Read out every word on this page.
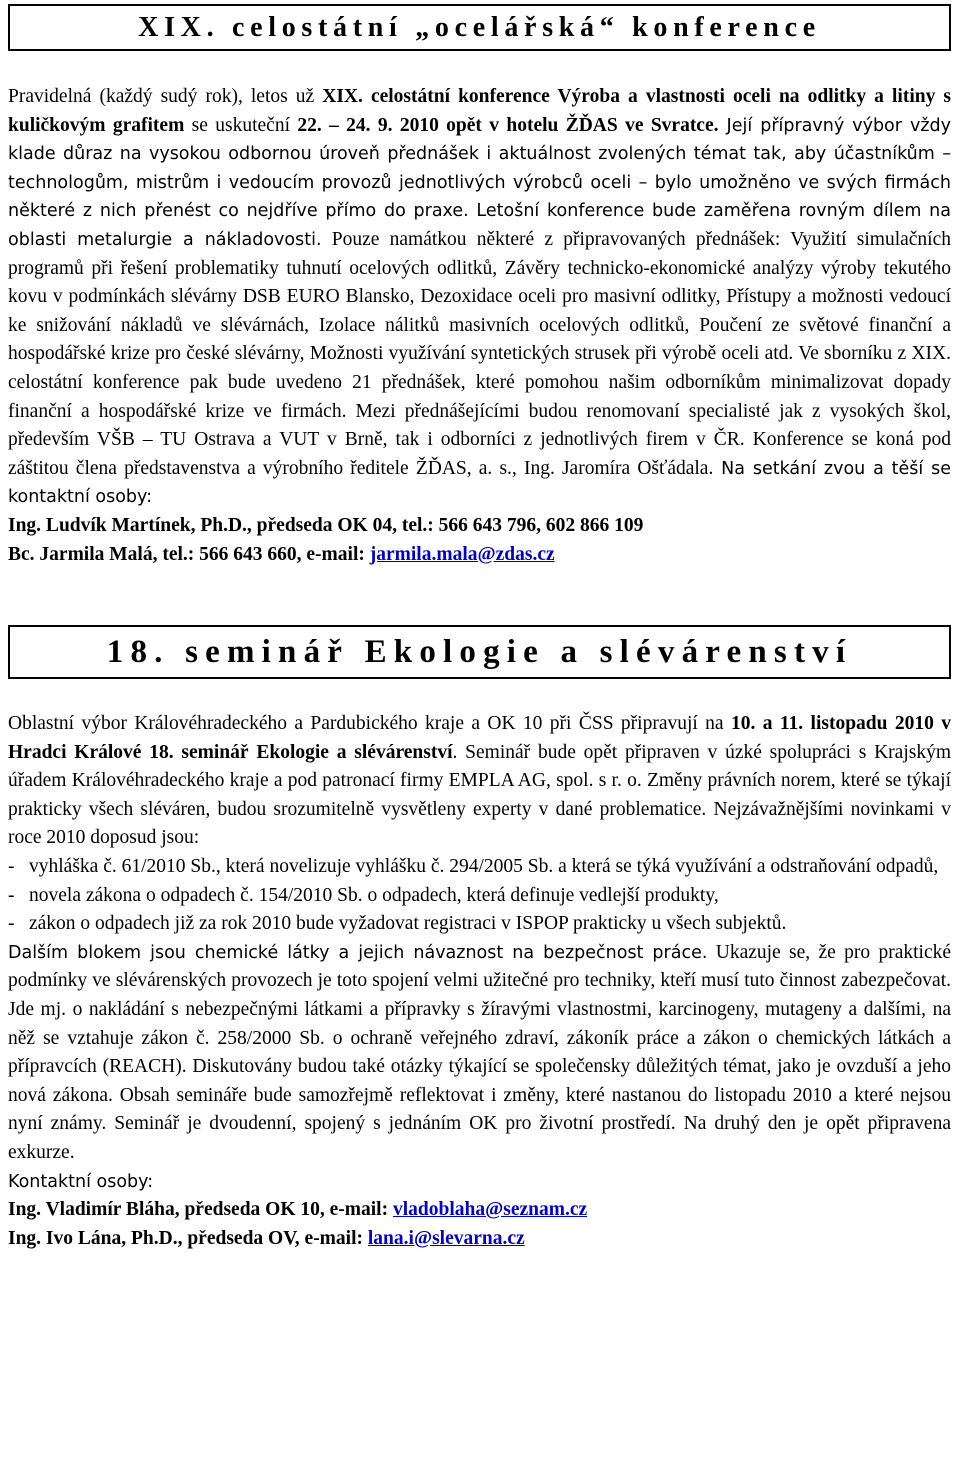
XIX. celostátní „ocelářská“ konference
Pravidelná (každý sudý rok), letos už XIX. celostátní konference Výroba a vlastnosti oceli na odlitky a litiny s kuličkovým grafitem se uskuteční 22. – 24. 9. 2010 opět v hotelu ŽĎAS ve Svratce. Její přípravný výbor vždy klade důraz na vysokou odbornou úroveň přednášek i aktuálnost zvolených témat tak, aby účastníkům – technologům, mistrům i vedoucím provozů jednotlivých výrobců oceli – bylo umožněno ve svých firmách některé z nich přenést co nejdříve přímo do praxe. Letošní konference bude zaměřena rovným dílem na oblasti metalurgie a nákladovosti. Pouze namátkou některé z připravovaných přednášek: Využití simulačních programů při řešení problematiky tuhnutí ocelových odlitků, Závěry technicko-ekonomické analýzy výroby tekutého kovu v podmínkách slévárny DSB EURO Blansko, Dezoxidace oceli pro masivní odlitky, Přístupy a možnosti vedoucí ke snižování nákladů ve slévárnách, Izolace nálitků masivních ocelových odlitků, Poučení ze světové finanční a hospodářské krize pro české slévárny, Možnosti využívání syntetických strusek při výrobě oceli atd. Ve sborníku z XIX. celostátní konference pak bude uvedeno 21 přednášek, které pomohou našim odborníkům minimalizovat dopady finanční a hospodářské krize ve firmách. Mezi přednášejícími budou renomovaní specialisté jak z vysokých škol, především VŠB – TU Ostrava a VUT v Brně, tak i odborníci z jednotlivých firem v ČR. Konference se koná pod záštitou člena představenstva a výrobního ředitele ŽĎAS, a. s., Ing. Jaromíra Ošťádala. Na setkání zvou a těší se kontaktní osoby:
Ing. Ludvík Martínek, Ph.D., předseda OK 04, tel.: 566 643 796, 602 866 109
Bc. Jarmila Malá, tel.: 566 643 660, e-mail: jarmila.mala@zdas.cz
18. seminář Ekologie a slévárenství
Oblastní výbor Královéhradeckého a Pardubického kraje a OK 10 při ČSS připravují na 10. a 11. listopadu 2010 v Hradci Králové 18. seminář Ekologie a slévárenství. Seminář bude opět připraven v úzké spolupráci s Krajským úřadem Královéhradeckého kraje a pod patronací firmy EMPLA AG, spol. s r. o. Změny právních norem, které se týkají prakticky všech sléváren, budou srozumitelně vysvětleny experty v dané problematice. Nejzávažnějšími novinkami v roce 2010 doposud jsou:
- vyhláška č. 61/2010 Sb., která novelizuje vyhlášku č. 294/2005 Sb. a která se týká využívání a odstraňování odpadů,
- novela zákona o odpadech č. 154/2010 Sb. o odpadech, která definuje vedlejší produkty,
- zákon o odpadech již za rok 2010 bude vyžadovat registraci v ISPOP prakticky u všech subjektů.
Dalším blokem jsou chemické látky a jejich návaznost na bezpečnost práce. Ukazuje se, že pro praktické podmínky ve slévárenských provozech je toto spojení velmi užitečné pro techniky, kteří musí tuto činnost zabezpečovat. Jde mj. o nakládání s nebezpečnými látkami a přípravky s žíravými vlastnostmi, karcinogeny, mutageny a dalšími, na něž se vztahuje zákon č. 258/2000 Sb. o ochraně veřejného zdraví, zákoník práce a zákon o chemických látkách a přípravcích (REACH). Diskutovány budou také otázky týkající se společensky důležitých témat, jako je ovzduší a jeho nová zákona. Obsah semináře bude samozřejmě reflektovat i změny, které nastanou do listopadu 2010 a které nejsou nyní známy. Seminář je dvoudenní, spojený s jednáním OK pro životní prostředí. Na druhý den je opět připravena exkurze.
Kontaktní osoby:
Ing. Vladimír Bláha, předseda OK 10, e-mail: vladoblaha@seznam.cz
Ing. Ivo Lána, Ph.D., předseda OV, e-mail: lana.i@slevarna.cz
